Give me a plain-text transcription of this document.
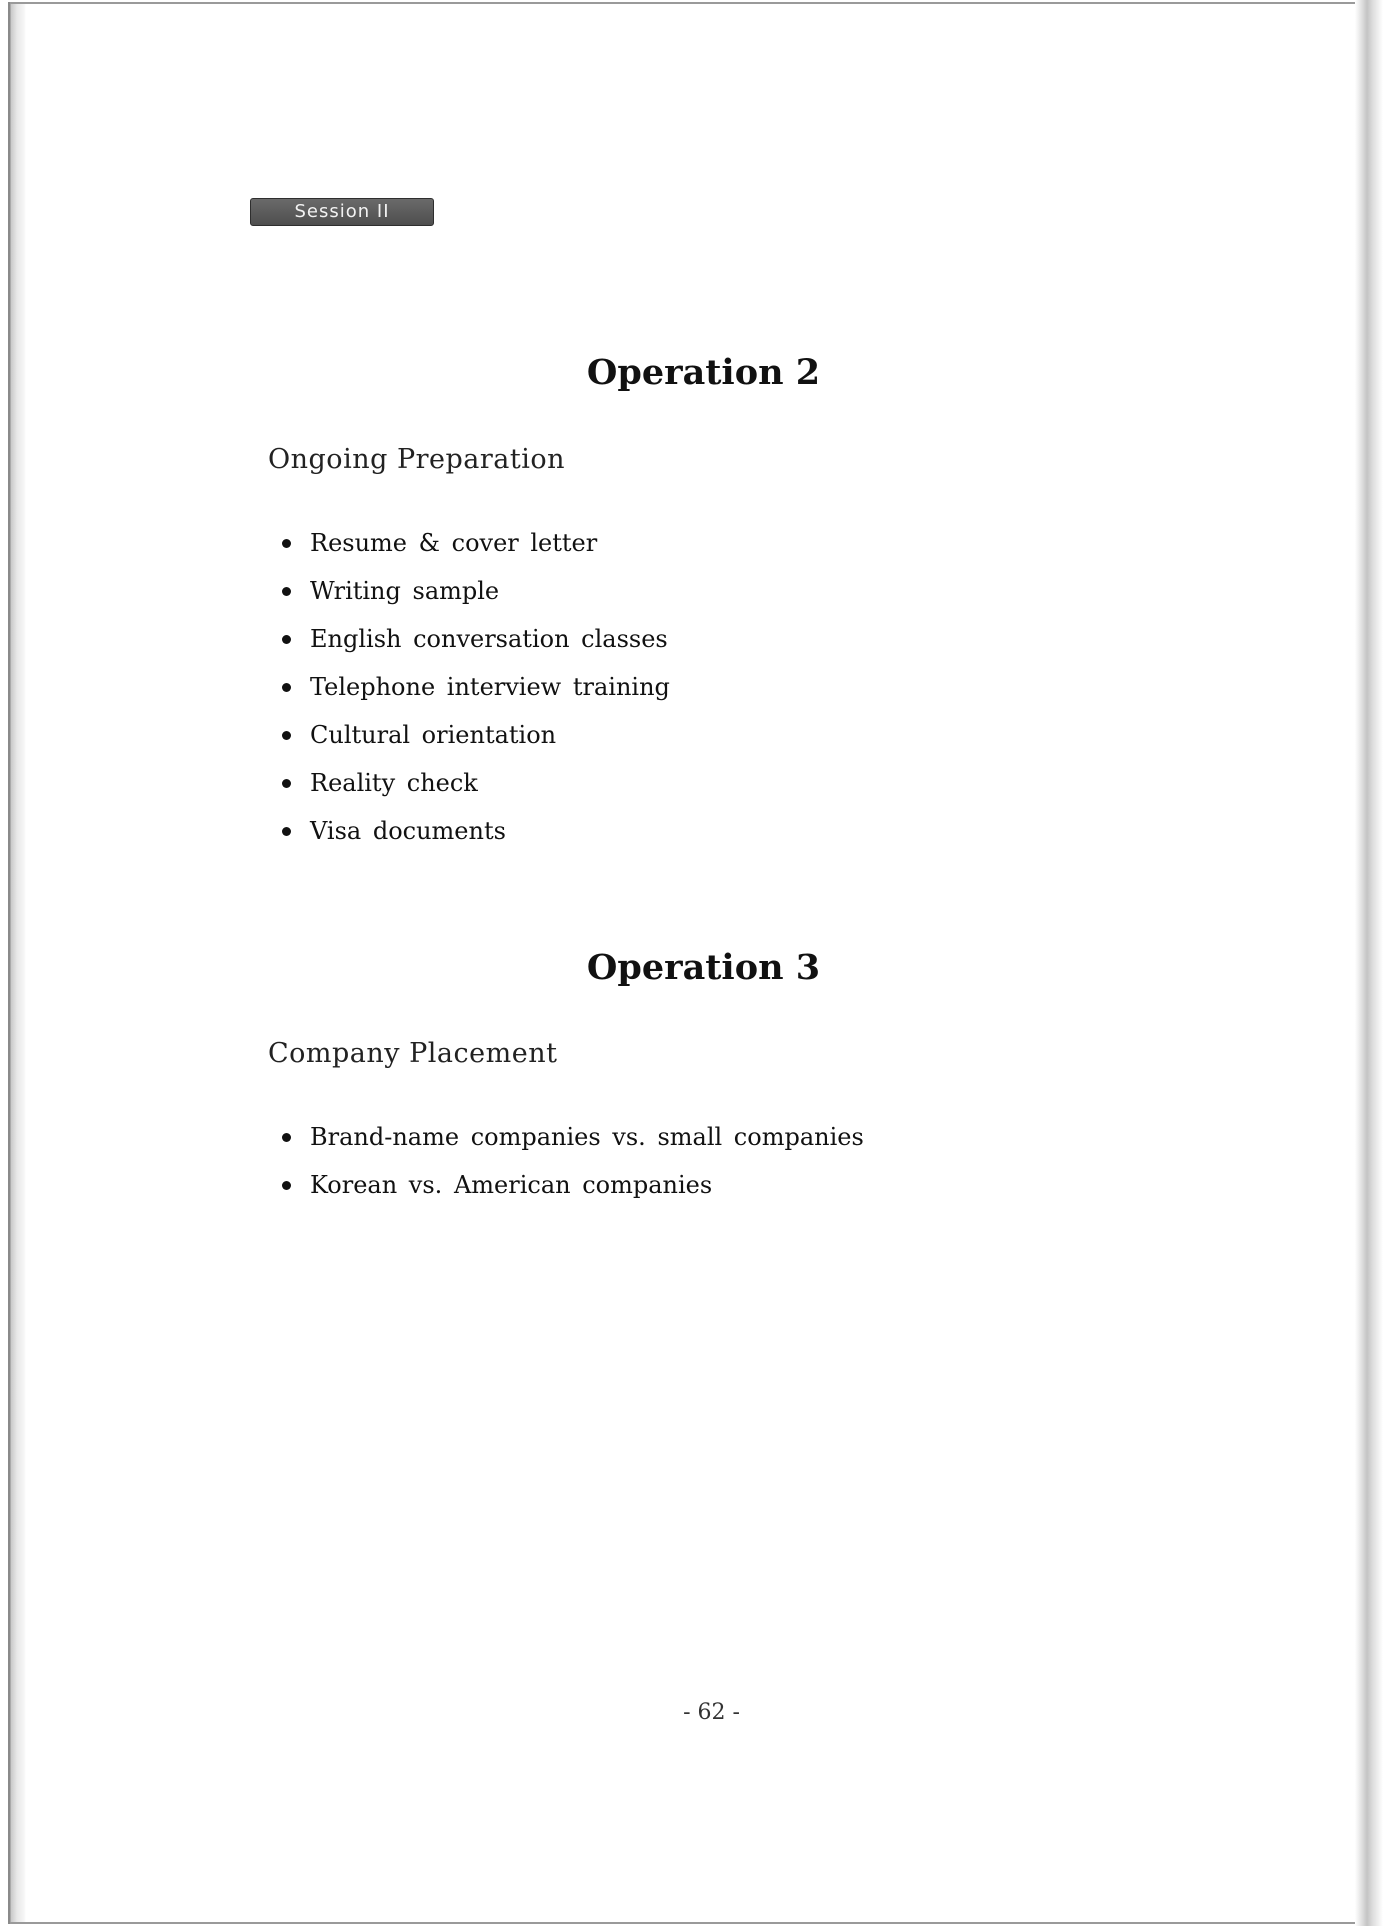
Session II
Operation 2
Ongoing Preparation
Resume & cover letter
Writing sample
English conversation classes
Telephone interview training
Cultural orientation
Reality check
Visa documents
Operation 3
Company Placement
Brand-name companies vs. small companies
Korean vs. American companies
- 62 -
